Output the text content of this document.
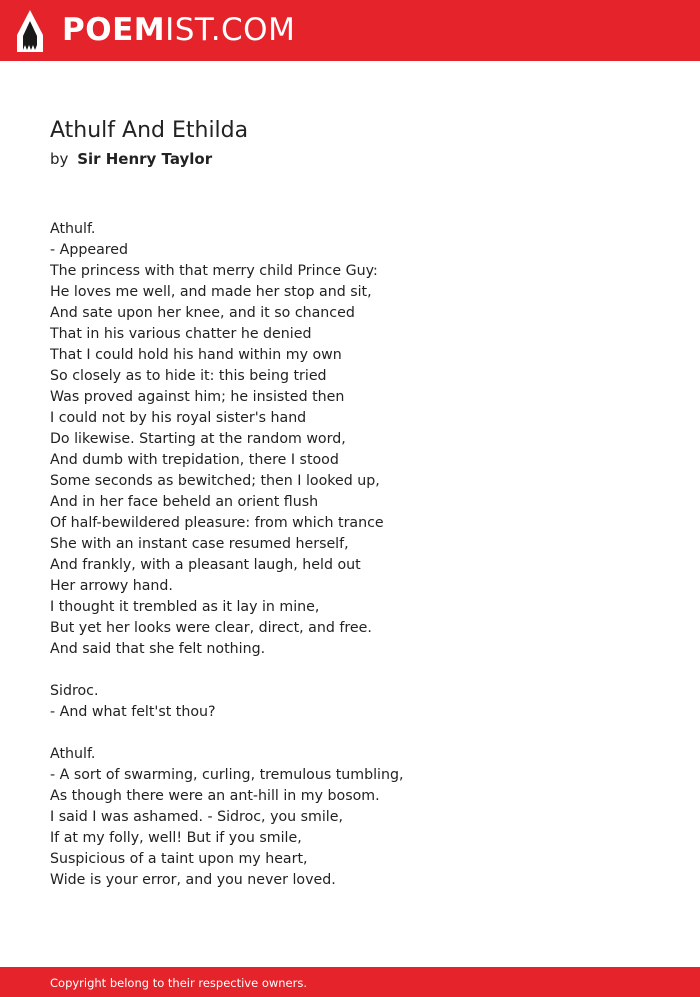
POEMIST.COM
Athulf And Ethilda
by Sir Henry Taylor
Athulf.
- Appeared
The princess with that merry child Prince Guy:
He loves me well, and made her stop and sit,
And sate upon her knee, and it so chanced
That in his various chatter he denied
That I could hold his hand within my own
So closely as to hide it: this being tried
Was proved against him; he insisted then
I could not by his royal sister's hand
Do likewise. Starting at the random word,
And dumb with trepidation, there I stood
Some seconds as bewitched; then I looked up,
And in her face beheld an orient flush
Of half-bewildered pleasure: from which trance
She with an instant case resumed herself,
And frankly, with a pleasant laugh, held out
Her arrowy hand.
I thought it trembled as it lay in mine,
But yet her looks were clear, direct, and free.
And said that she felt nothing.
Sidroc.
- And what felt'st thou?
Athulf.
- A sort of swarming, curling, tremulous tumbling,
As though there were an ant-hill in my bosom.
I said I was ashamed. - Sidroc, you smile,
If at my folly, well! But if you smile,
Suspicious of a taint upon my heart,
Wide is your error, and you never loved.
Copyright belong to their respective owners.
